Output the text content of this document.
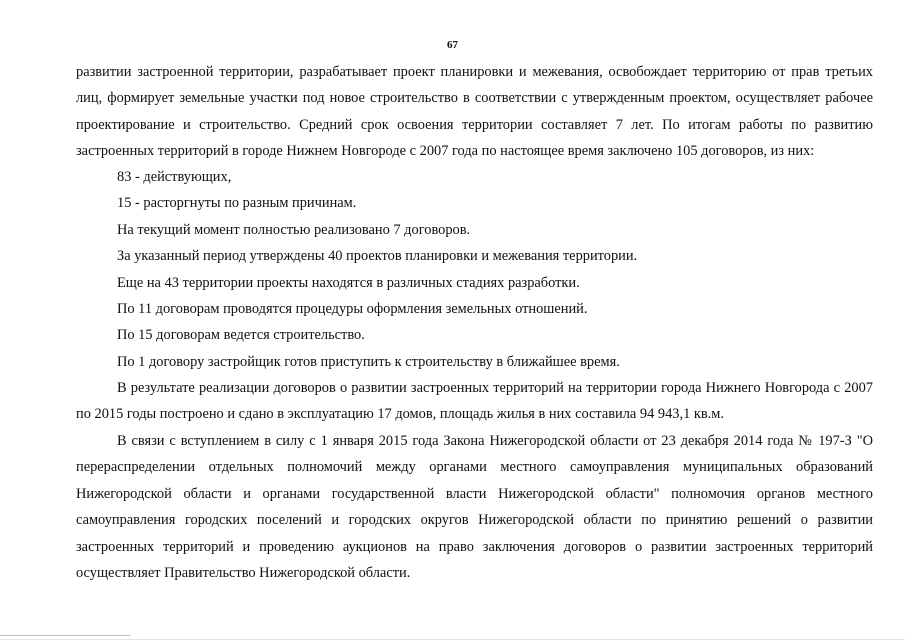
67

развитии застроенной территории, разрабатывает проект планировки и межевания, освобождает территорию от прав третьих лиц, формирует земельные участки под новое строительство в соответствии с утвержденным проектом, осуществляет рабочее проектирование и строительство. Средний срок освоения территории составляет 7 лет. По итогам работы по развитию застроенных территорий в городе Нижнем Новгороде с 2007 года по настоящее время заключено 105 договоров, из них:

83 - действующих,
15 - расторгнуты по разным причинам.
На текущий момент полностью реализовано 7 договоров.
За указанный период утверждены 40 проектов планировки и межевания территории.
Еще на 43 территории проекты находятся в различных стадиях разработки.
По 11 договорам проводятся процедуры оформления земельных отношений.
По 15 договорам ведется строительство.
По 1 договору застройщик готов приступить к строительству в ближайшее время.

В результате реализации договоров о развитии застроенных территорий на территории города Нижнего Новгорода с 2007 по 2015 годы построено и сдано в эксплуатацию 17 домов, площадь жилья в них составила 94 943,1 кв.м.

В связи с вступлением в силу с 1 января 2015 года Закона Нижегородской области от 23 декабря 2014 года № 197-З "О перераспределении отдельных полномочий между органами местного самоуправления муниципальных образований Нижегородской области и органами государственной власти Нижегородской области" полномочия органов местного самоуправления городских поселений и городских округов Нижегородской области по принятию решений о развитии застроенных территорий и проведению аукционов на право заключения договоров о развитии застроенных территорий осуществляет Правительство Нижегородской области.
